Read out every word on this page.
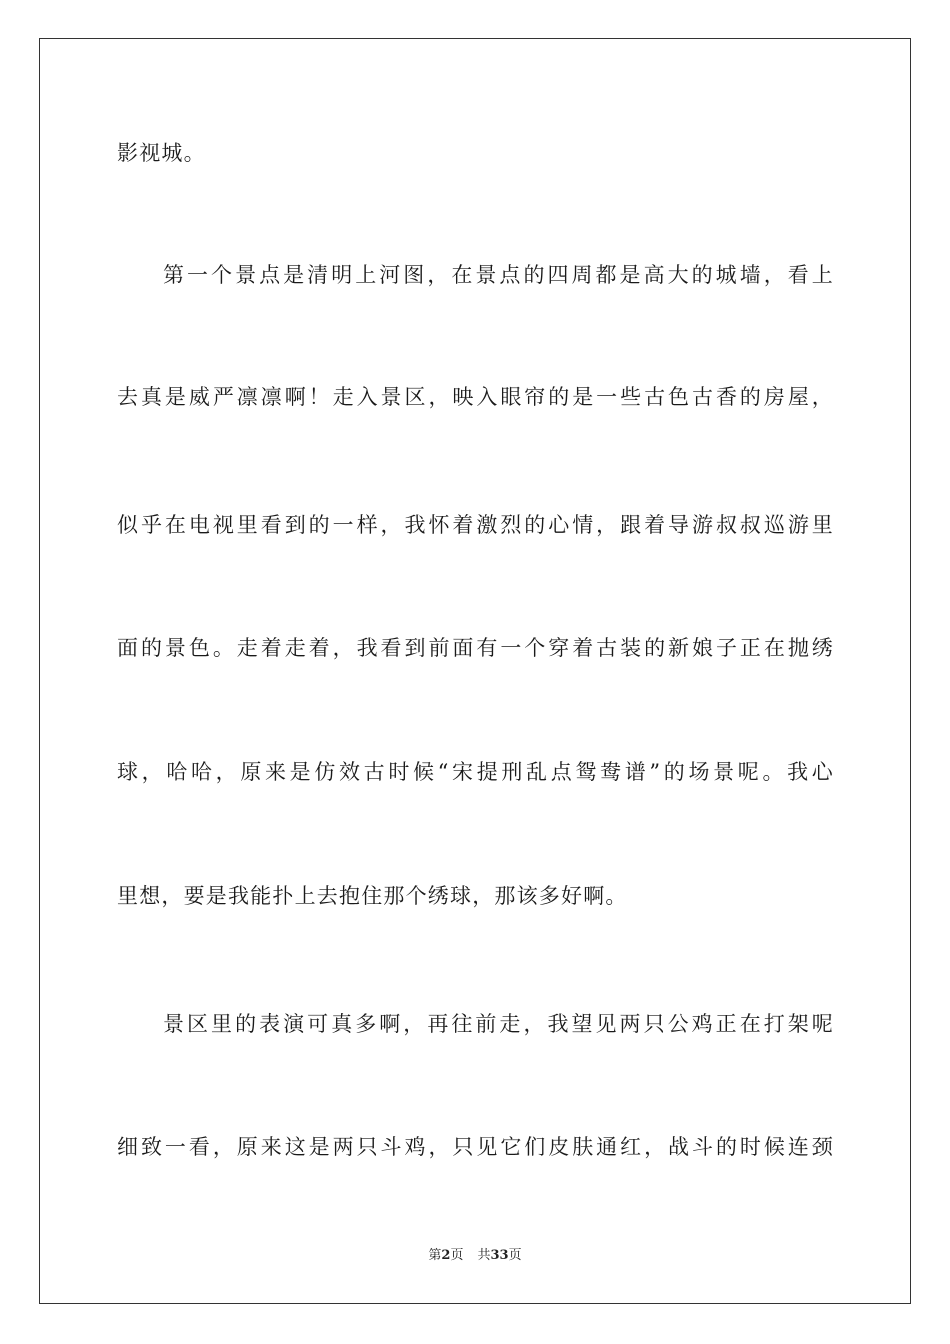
影视城。
第一个景点是清明上河图，在景点的四周都是高大的城墙，看上
去真是威严凛凛啊！走入景区，映入眼帘的是一些古色古香的房屋，
似乎在电视里看到的一样，我怀着激烈的心情，跟着导游叔叔巡游里
面的景色。走着走着，我看到前面有一个穿着古装的新娘子正在抛绣
球，哈哈，原来是仿效古时候“宋提刑乱点鸳鸯谱”的场景呢。我心
里想，要是我能扑上去抱住那个绣球，那该多好啊。
景区里的表演可真多啊，再往前走，我望见两只公鸡正在打架呢
细致一看，原来这是两只斗鸡，只见它们皮肤通红，战斗的时候连颈
第2页 共33页
